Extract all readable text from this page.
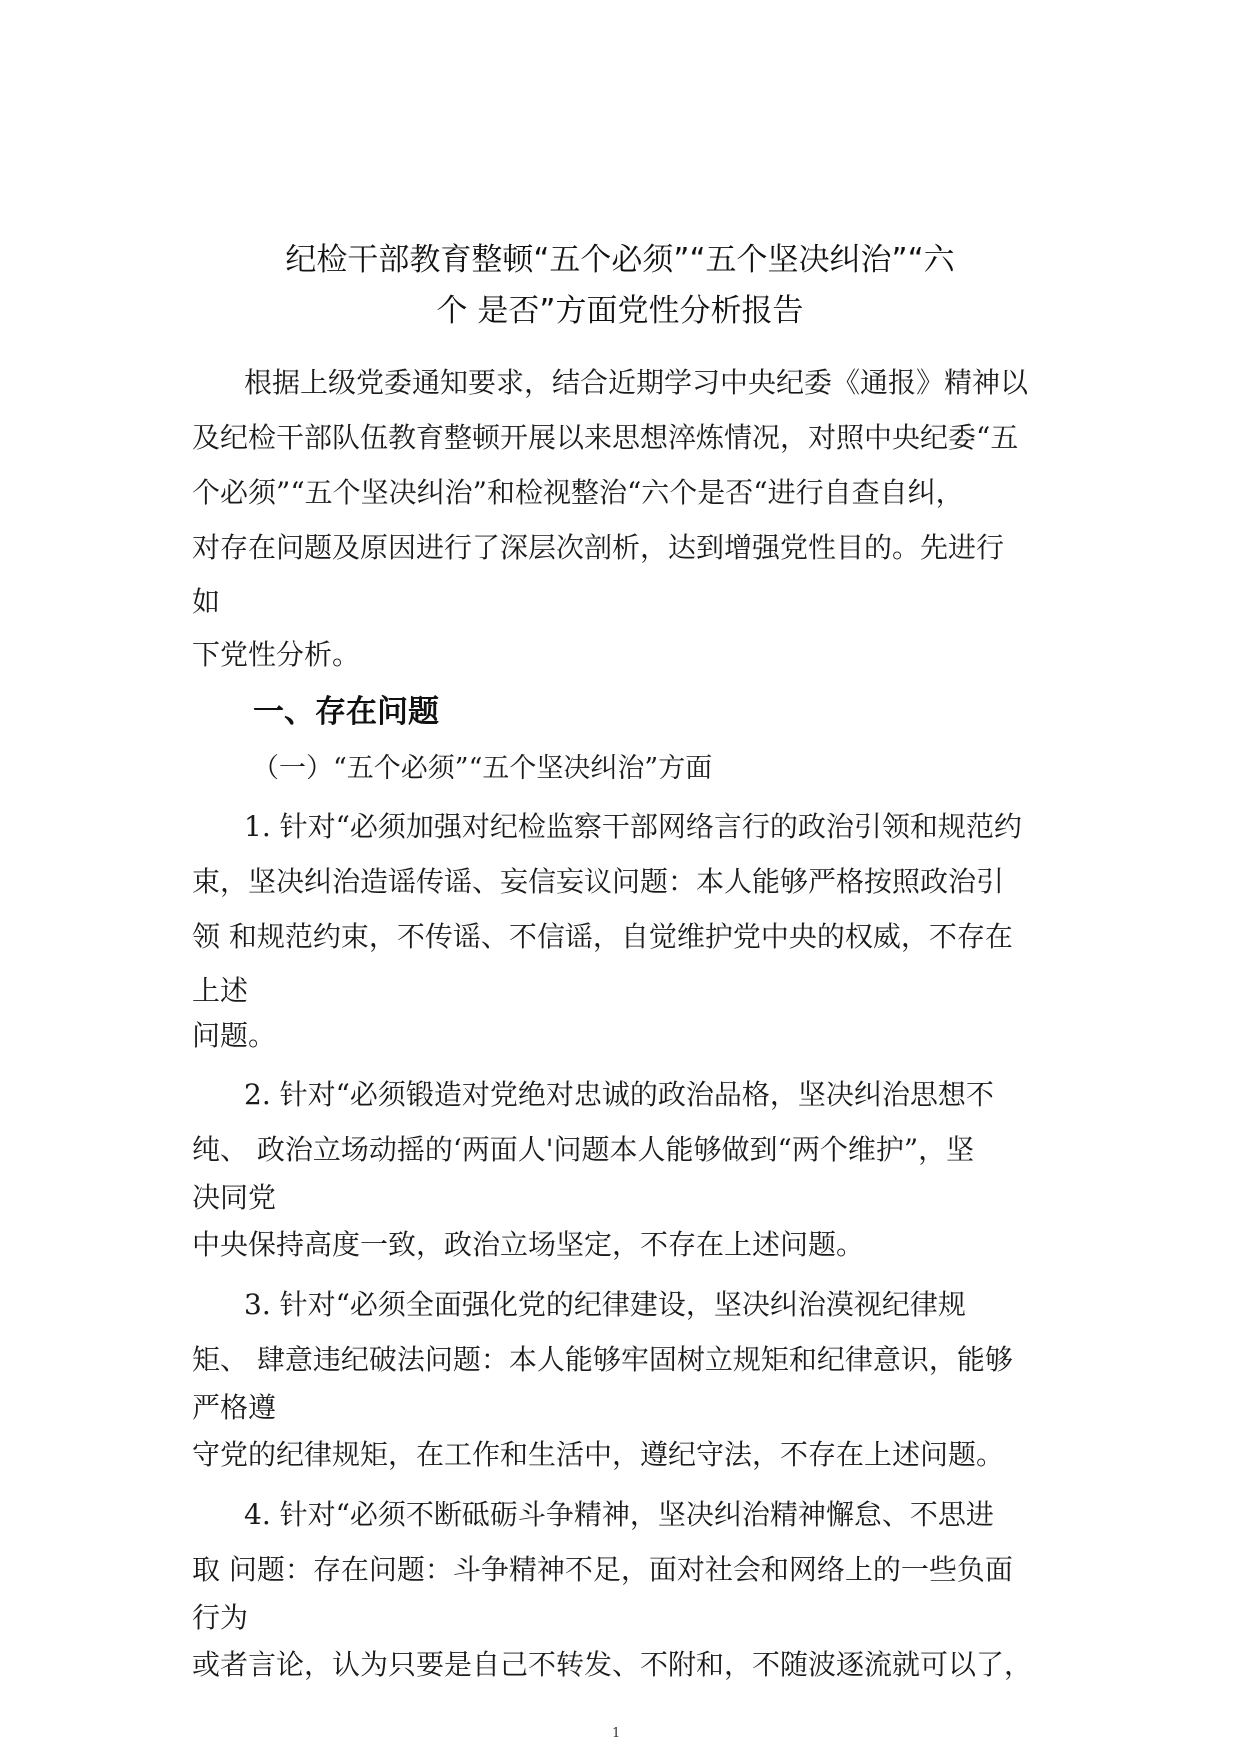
纪检干部教育整顿“五个必须”“五个坚决纠治”“六
个 是否”方面党性分析报告

根据上级党委通知要求，结合近期学习中央纪委《通报》精神以

及纪检干部队伍教育整顿开展以来思想淬炼情况，对照中央纪委“五

个必须”“五个坚决纠治”和检视整治“六个是否“进行自查自纠，

对存在问题及原因进行了深层次剖析，达到增强党性目的。先进行

如

下党性分析。

一、存在问题

（一）“五个必须”“五个坚决纠治”方面

1. 针对“必须加强对纪检监察干部网络言行的政治引领和规范约

束，坚决纠治造谣传谣、妄信妄议问题：本人能够严格按照政治引

领 和规范约束，不传谣、不信谣，自觉维护党中央的权威，不存在

上述

问题。

2. 针对“必须锻造对党绝对忠诚的政治品格，坚决纠治思想不

纯、 政治立场动摇的‘两面人'问题本人能够做到“两个维护”，坚

决同党

中央保持高度一致，政治立场坚定，不存在上述问题。

3. 针对“必须全面强化党的纪律建设，坚决纠治漠视纪律规

矩、 肆意违纪破法问题：本人能够牢固树立规矩和纪律意识，能够

严格遵

守党的纪律规矩，在工作和生活中，遵纪守法，不存在上述问题。

4. 针对“必须不断砥砺斗争精神，坚决纠治精神懈怠、不思进

取 问题：存在问题：斗争精神不足，面对社会和网络上的一些负面

行为

或者言论，认为只要是自己不转发、不附和，不随波逐流就可以了，

1
